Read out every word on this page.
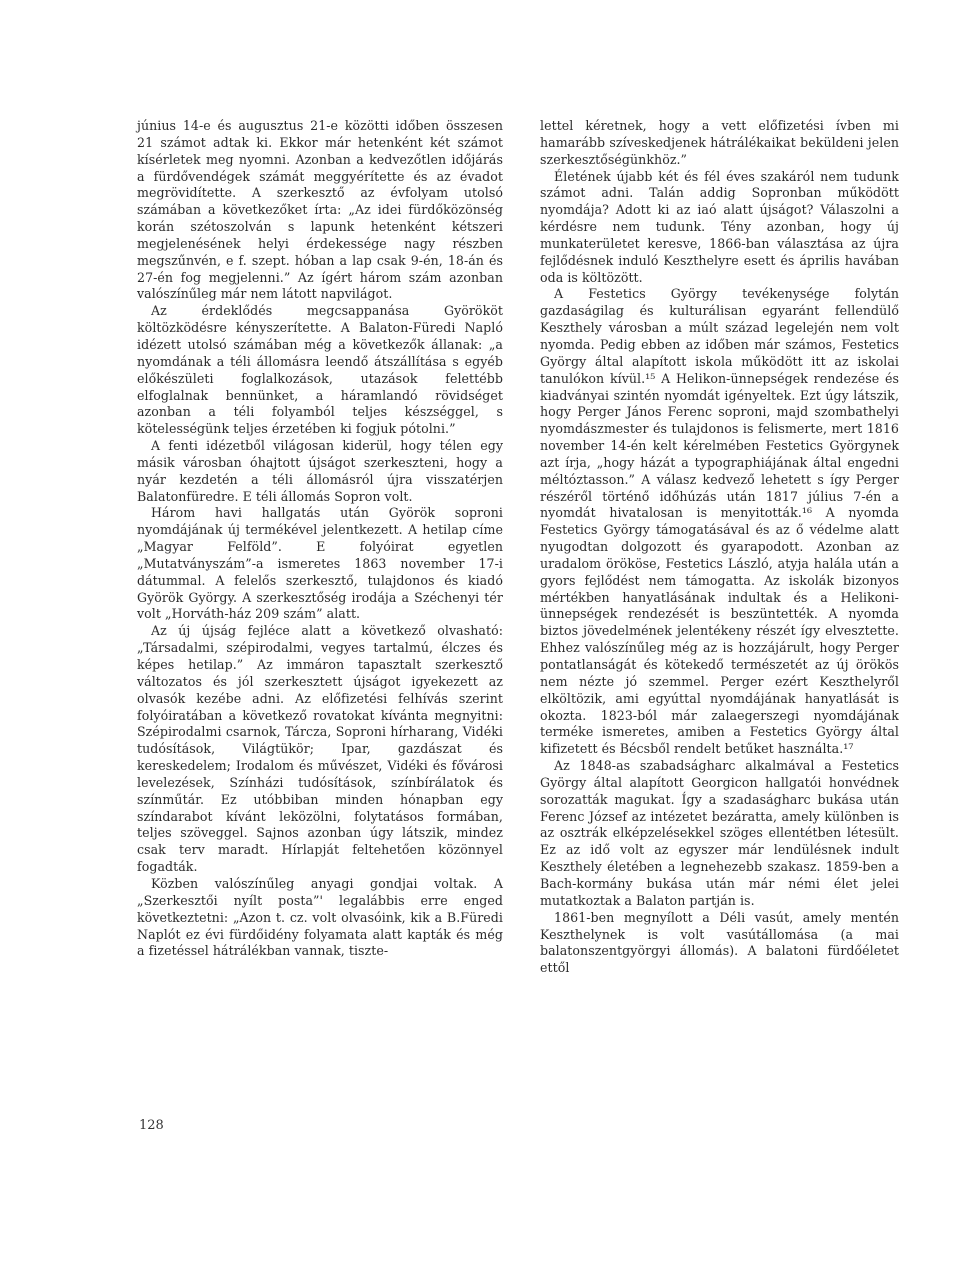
június 14-e és augusztus 21-e közötti időben összesen 21 számot adtak ki. Ekkor már hetenként két számot kísérletek meg nyomni. Azonban a kedvezőtlen időjárás a fürdővendégek számát meggyérítette és az évadot megrövidítette. A szerkesztő az évfolyam utolsó számában a következőket írta: „Az idei fürdőközönség korán szétoszolván s lapunk hetenként kétszeri megjelenésének helyi érdekessége nagy részben megszűnvén, e f. szept. hóban a lap csak 9-én, 18-án és 27-én fog megjelenni.” Az ígért három szám azonban valószínűleg már nem látott napvilágot.

Az érdeklődés megcsappanása Györököt költözködésre kényszerítette. A Balaton-Füredi Napló idézett utolsó számában még a következők állanak: „a nyomdának a téli állomásra leendő átszállítása s egyéb előkészületi foglalkozások, utazások felettébb elfoglalnak bennünket, a háramlandó rövidséget azonban a téli folyamból teljes készséggel, s kötelességünk teljes érzetében ki fogjuk pótolni.”

A fenti idézetből világosan kiderül, hogy télen egy másik városban óhajtott újságot szerkeszteni, hogy a nyár kezdetén a téli állomásról újra visszatérjen Balatonfüredre. E téli állomás Sopron volt.

Három havi hallgatás után Györök soproni nyomdájának új termékével jelentkezett. A hetilap címe „Magyar Felföld”. E folyóirat egyetlen „Mutatványszám”-a ismeretes 1863 november 17-i dátummal. A felelős szerkesztő, tulajdonos és kiadó Györök György. A szerkesztőség irodája a Széchenyi tér volt „Horváth-ház 209 szám” alatt.

Az új újság fejléce alatt a következő olvasható: „Társadalmi, szépirodalmi, vegyes tartalmú, élczes és képes hetilap.” Az immáron tapasztalt szerkesztő változatos és jól szerkesztett újságot igyekezett az olvasók kezébe adni. Az előfizetési felhívás szerint folyóiratában a következő rovatokat kívánta megnyitni: Szépirodalmi csarnok, Tárcza, Soproni hírharang, Vidéki tudósítások, Világtükör; Ipar, gazdászat és kereskedelem; Irodalom és művészet, Vidéki és fővárosi levelezések, Színházi tudósítások, színbírálatok és színműtár. Ez utóbbiban minden hónapban egy színdarabot kívánt leközölni, folytatásos formában, teljes szöveggel. Sajnos azonban úgy látszik, mindez csak terv maradt. Hírlapját feltehetően közönnyel fogadták.

Közben valószínűleg anyagi gondjai voltak. A „Szerkesztői nyílt posta”' legalábbis erre enged következtetni: „Azon t. cz. volt olvasóink, kik a B.Füredi Naplót ez évi fürdőidény folyamata alatt kapták és még a fizetéssel hátrálékban vannak, tiszte-

lettel kéretnek, hogy a vett előfizetési ívben mi hamarább szíveskedjenek hátrálékaikat beküldeni jelen szerkesztőségünkhöz.”

Életének újabb két és fél éves szakáról nem tudunk számot adni. Talán addig Sopronban működött nyomdája? Adott ki az iaó alatt újságot? Válaszolni a kérdésre nem tudunk. Tény azonban, hogy új munkaterületet keresve, 1866-ban választása az újra fejlődésnek induló Keszthelyre esett és április havában oda is költözött.

A Festetics György tevékenysége folytán gazdaságilag és kulturálisan egyaránt fellendülő Keszthely városban a múlt század legelején nem volt nyomda. Pedig ebben az időben már számos, Festetics György által alapított iskola működött itt az iskolai tanulókon kívül.¹⁵ A Helikon-ünnepségek rendezése és kiadványai szintén nyomdát igényeltek. Ezt úgy látszik, hogy Perger János Ferenc soproni, majd szombathelyi nyomdászmester és tulajdonos is felismerte, mert 1816 november 14-én kelt kérelmében Festetics Györgynek azt írja, „hogy házát a typographiájának által engedni méltóztasson.” A válasz kedvező lehetett s így Perger részéről történő időhúzás után 1817 július 7-én a nyomdát hivatalosan is menyitották.¹⁶ A nyomda Festetics György támogatásával és az ő védelme alatt nyugodtan dolgozott és gyarapodott. Azonban az uradalom örököse, Festetics László, atyja halála után a gyors fejlődést nem támogatta. Az iskolák bizonyos mértékben hanyatlásának indultak és a Helikoni-ünnepségek rendezését is beszüntették. A nyomda biztos jövedelmének jelentékeny részét így elvesztette. Ehhez valószínűleg még az is hozzájárult, hogy Perger pontatlanságát és kötekedő természetét az új örökös nem nézte jó szemmel. Perger ezért Keszthelyről elköltözik, ami egyúttal nyomdájának hanyatlását is okozta. 1823-ból már zalaegerszegi nyomdájának terméke ismeretes, amiben a Festetics György által kifizetett és Bécsből rendelt betűket használta.¹⁷

Az 1848-as szabadságharc alkalmával a Festetics György által alapított Georgicon hallgatói honvédnek sorozatták magukat. Így a szadaságharc bukása után Ferenc József az intézetet bezáratta, amely különben is az osztrák elképzelésekkel szöges ellentétben létesült. Ez az idő volt az egyszer már lendülésnek indult Keszthely életében a legnehezebb szakasz. 1859-ben a Bach-kormány bukása után már némi élet jelei mutatkoztak a Balaton partján is.

1861-ben megnyílott a Déli vasút, amely mentén Keszthelynek is volt vasútállomása (a mai balatonszentgyörgyi állomás). A balatoni fürdőéletet ettől

128
